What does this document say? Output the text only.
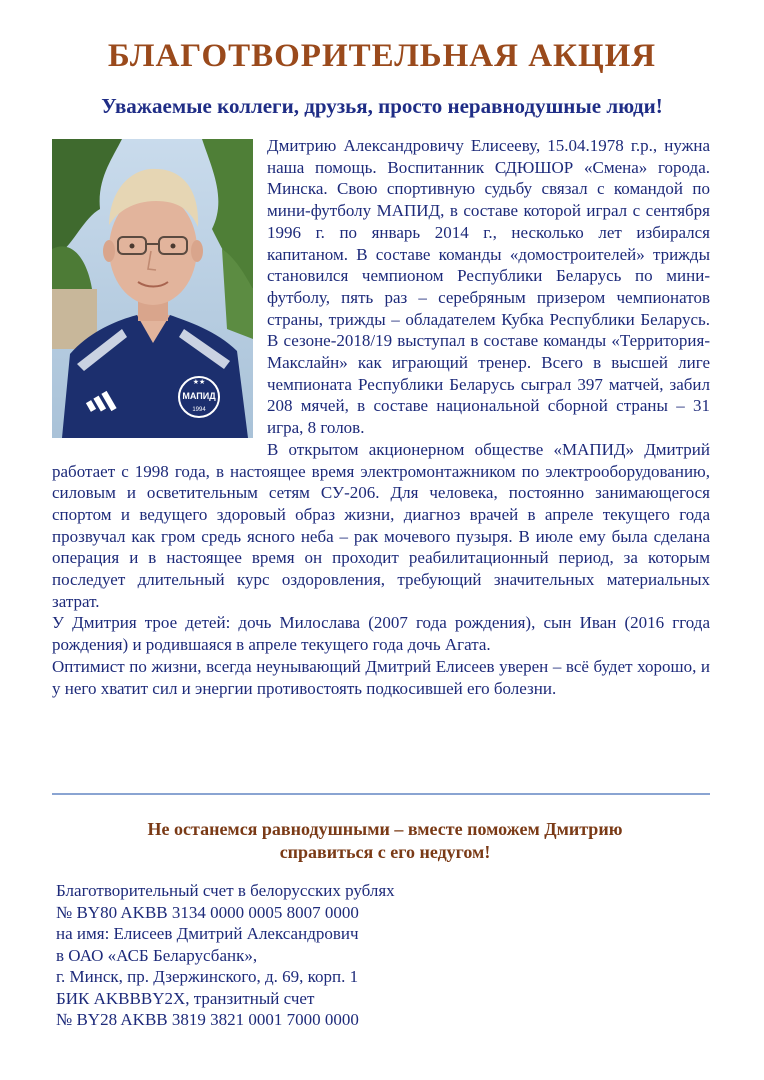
БЛАГОТВОРИТЕЛЬНАЯ АКЦИЯ
Уважаемые коллеги, друзья, просто неравнодушные люди!
МАПИД
1994
★★

Дмитрию Александровичу Елисееву, 15.04.1978 г.р., нужна наша помощь. Воспитанник СДЮШОР «Смена» города. Минска. Свою спортивную судьбу связал с командой по мини-футболу МАПИД, в составе которой играл с сентября 1996 г. по январь 2014 г., несколько лет избирался капитаном. В составе команды «домостроителей» трижды становился чемпионом Республики Беларусь по мини-футболу, пять раз – серебряным призером чемпионатов страны, трижды – обладателем Кубка Республики Беларусь. В сезоне-2018/19 выступал в составе команды «Территория-Макслайн» как играющий тренер. Всего в высшей лиге чемпионата Республики Беларусь сыграл 397 матчей, забил 208 мячей, в составе национальной сборной страны – 31 игра, 8 голов.

В открытом акционерном обществе «МАПИД» Дмитрий работает с 1998 года, в настоящее время электромонтажником по электрооборудованию, силовым и осветительным сетям СУ-206. Для человека, постоянно занимающегося спортом и ведущего здоровый образ жизни, диагноз врачей в апреле текущего года прозвучал как гром средь ясного неба – рак мочевого пузыря. В июле ему была сделана операция и в настоящее время он проходит реабилитационный период, за которым последует длительный курс оздоровления, требующий значительных материальных затрат.

У Дмитрия трое детей: дочь Милослава (2007 года рождения), сын Иван (2016 ггода рождения) и родившаяся в апреле текущего года дочь Агата.

Оптимист по жизни, всегда неунывающий Дмитрий Елисеев уверен – всё будет хорошо, и у него хватит сил и энергии противостоять подкосившей его болезни.

Не останемся равнодушными – вместе поможем Дмитрию
справиться с его недугом!
Благотворительный счет в белорусских рублях
№ BY80 AKBB 3134 0000 0005 8007 0000
на имя: Елисеев Дмитрий Александрович
в ОАО «АСБ Беларусбанк»,
г. Минск, пр. Дзержинского, д. 69, корп. 1
БИК AKBBBY2X, транзитный счет
№ BY28 AKBB 3819 3821 0001 7000 0000
